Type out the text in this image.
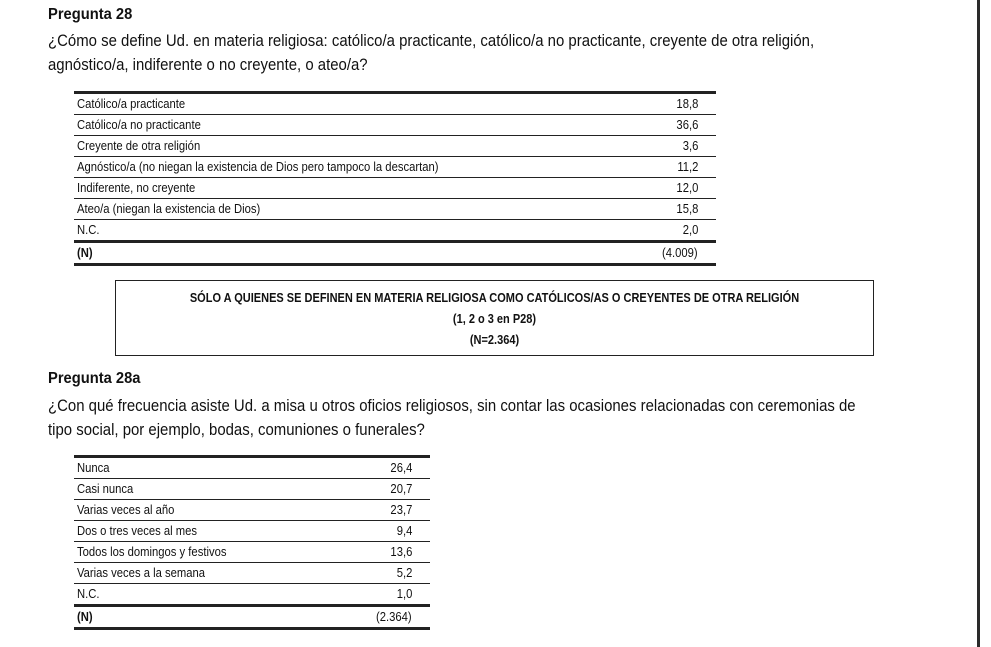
Pregunta 28

¿Cómo se define Ud. en materia religiosa: católico/a practicante, católico/a no practicante, creyente de otra religión,

agnóstico/a, indiferente o no creyente, o ateo/a?

Católico/a practicante	18,8
Católico/a no practicante	36,6
Creyente de otra religión	3,6
Agnóstico/a (no niegan la existencia de Dios pero tampoco la descartan)	11,2
Indiferente, no creyente	12,0
Ateo/a (niegan la existencia de Dios)	15,8
N.C.	2,0
(N)	(4.009)
SÓLO A QUIENES SE DEFINEN EN MATERIA RELIGIOSA COMO CATÓLICOS/AS O CREYENTES DE OTRA RELIGIÓN
(1, 2 o 3 en P28)
(N=2.364)
Pregunta 28a

¿Con qué frecuencia asiste Ud. a misa u otros oficios religiosos, sin contar las ocasiones relacionadas con ceremonias de

tipo social, por ejemplo, bodas, comuniones o funerales?

Nunca	26,4
Casi nunca	20,7
Varias veces al año	23,7
Dos o tres veces al mes	9,4
Todos los domingos y festivos	13,6
Varias veces a la semana	5,2
N.C.	1,0
(N)	(2.364)
